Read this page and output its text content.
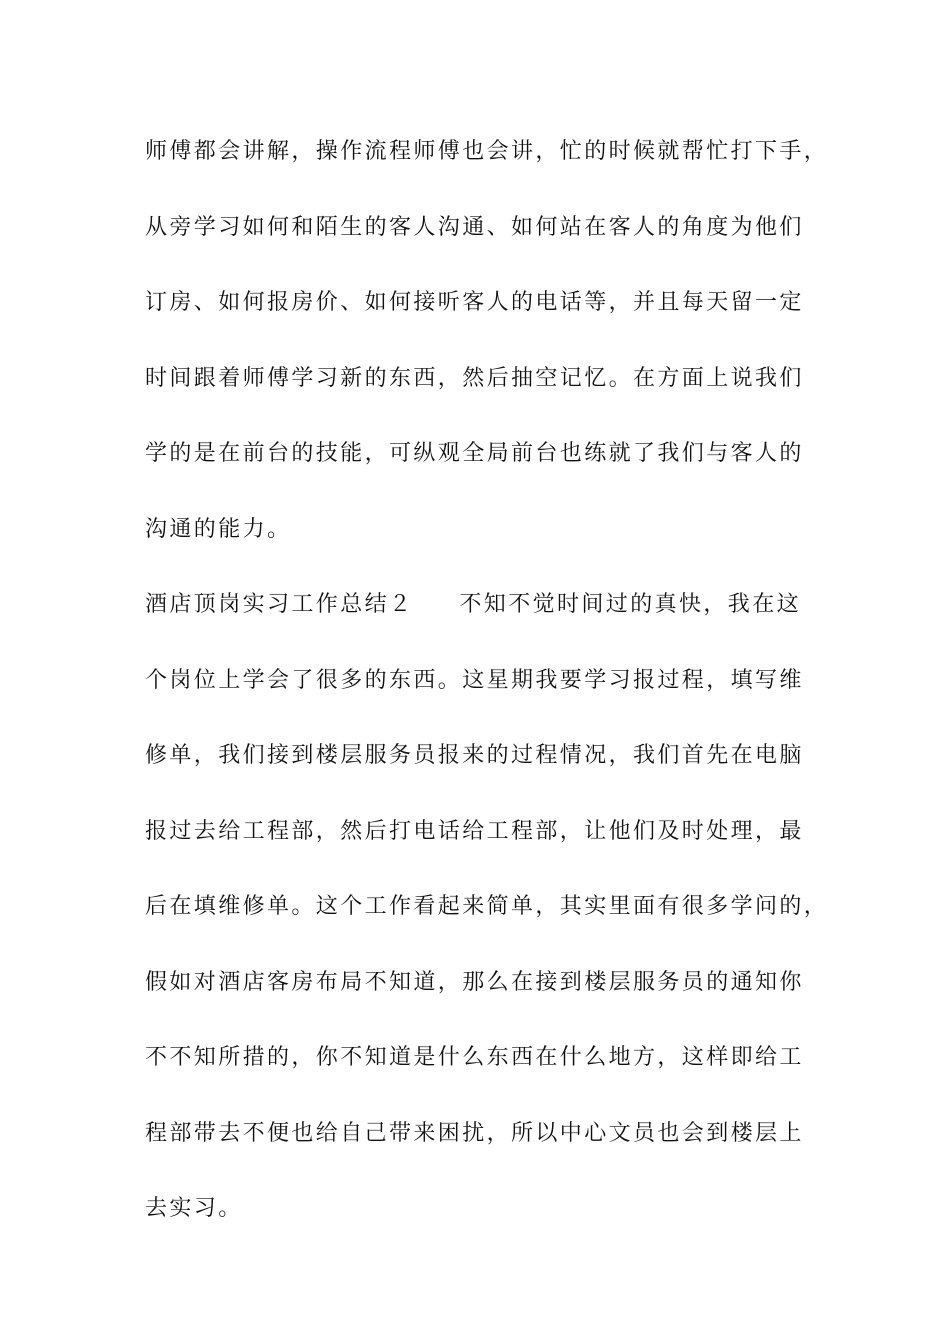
师傅都会讲解，操作流程师傅也会讲，忙的时候就帮忙打下手，
从旁学习如何和陌生的客人沟通、如何站在客人的角度为他们
订房、如何报房价、如何接听客人的电话等，并且每天留一定
时间跟着师傅学习新的东西，然后抽空记忆。在方面上说我们
学的是在前台的技能，可纵观全局前台也练就了我们与客人的
沟通的能力。
酒店顶岗实习工作总结２ 不知不觉时间过的真快，我在这
个岗位上学会了很多的东西。这星期我要学习报过程，填写维
修单，我们接到楼层服务员报来的过程情况，我们首先在电脑
报过去给工程部，然后打电话给工程部，让他们及时处理，最
后在填维修单。这个工作看起来简单，其实里面有很多学问的，
假如对酒店客房布局不知道，那么在接到楼层服务员的通知你
不不知所措的，你不知道是什么东西在什么地方，这样即给工
程部带去不便也给自己带来困扰，所以中心文员也会到楼层上
去实习。
